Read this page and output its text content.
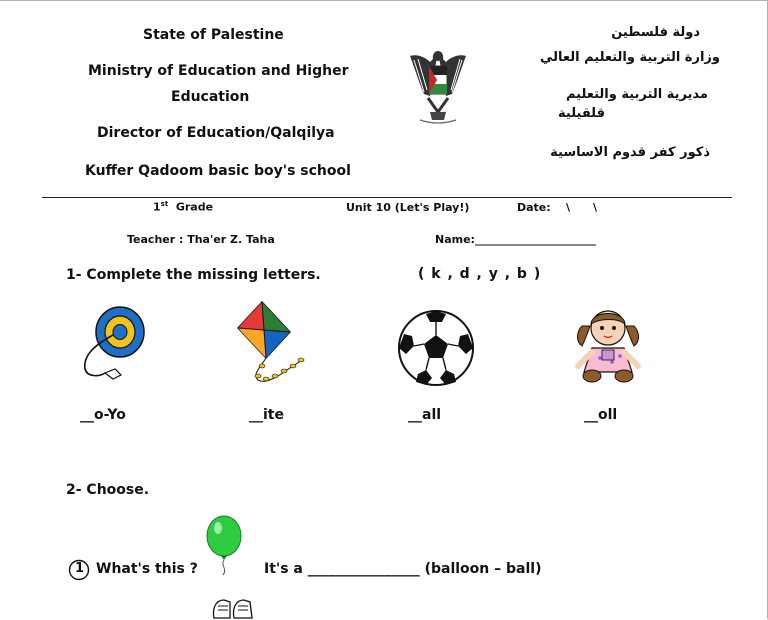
State of Palestine
Ministry of Education and Higher
Education
Director of Education/Qalqilya
Kuffer Qadoom basic boy's school
دولة فلسطين
وزارة التربية والتعليم العالي
مديرية التربية والتعليم
قلقيلية
ذكور كفر قدوم الاساسية
1st Grade	Unit 10 (Let's Play!)	Date:    \      \
Teacher : Tha'er Z. Taha	Name:______________________
1- Complete the missing letters.	( k , d , y , b )
__o-Yo	__ite	__all	__oll
2- Choose.
1 What's this ?	It's a ________________ (balloon – ball)
